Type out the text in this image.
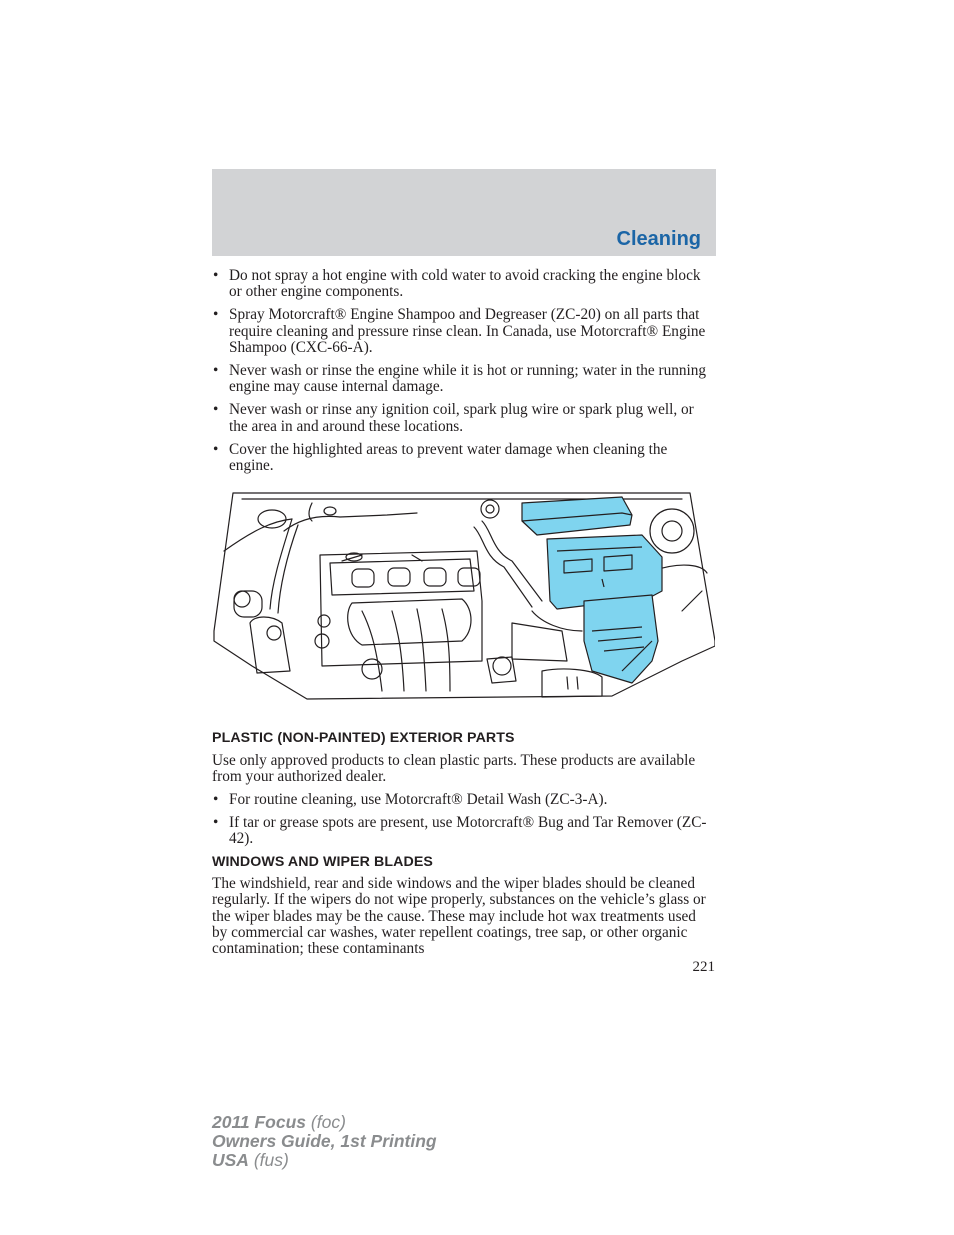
Cleaning
• Do not spray a hot engine with cold water to avoid cracking the engine block or other engine components.
• Spray Motorcraft® Engine Shampoo and Degreaser (ZC-20) on all parts that require cleaning and pressure rinse clean. In Canada, use Motorcraft® Engine Shampoo (CXC-66-A).
• Never wash or rinse the engine while it is hot or running; water in the running engine may cause internal damage.
• Never wash or rinse any ignition coil, spark plug wire or spark plug well, or the area in and around these locations.
• Cover the highlighted areas to prevent water damage when cleaning the engine.
PLASTIC (NON-PAINTED) EXTERIOR PARTS

Use only approved products to clean plastic parts. These products are available from your authorized dealer.

• For routine cleaning, use Motorcraft® Detail Wash (ZC-3-A).
• If tar or grease spots are present, use Motorcraft® Bug and Tar Remover (ZC-42).
WINDOWS AND WIPER BLADES

The windshield, rear and side windows and the wiper blades should be cleaned regularly. If the wipers do not wipe properly, substances on the vehicle’s glass or the wiper blades may be the cause. These may include hot wax treatments used by commercial car washes, water repellent coatings, tree sap, or other organic contamination; these contaminants

221
2011 Focus (foc)
Owners Guide, 1st Printing
USA (fus)
